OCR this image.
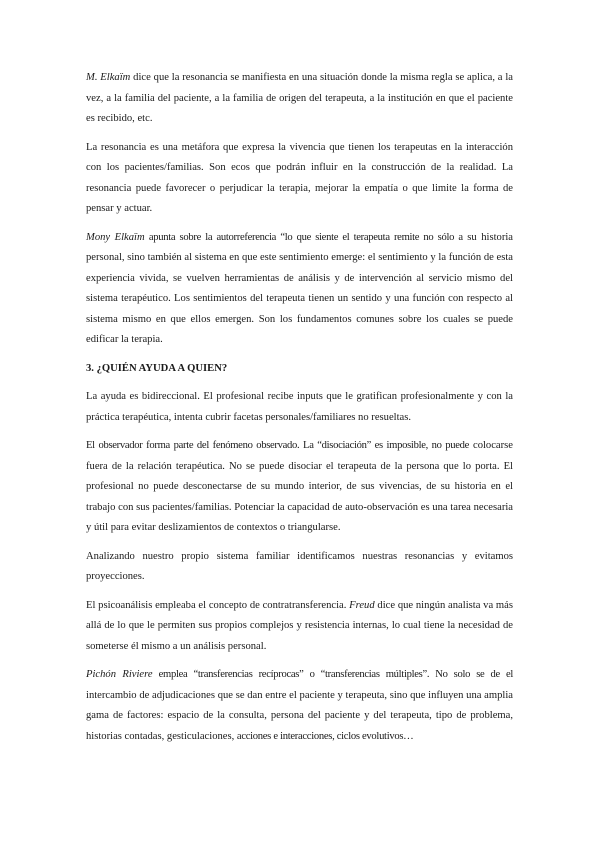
M. Elkaïm dice que la resonancia se manifiesta en una situación donde la misma regla se aplica, a la vez, a la familia del paciente, a la familia de origen del terapeuta, a la institución en que el paciente es recibido, etc.

La resonancia es una metáfora que expresa la vivencia que tienen los terapeutas en la interacción con los pacientes/familias. Son ecos que podrán influir en la construcción de la realidad. La resonancia puede favorecer o perjudicar la terapia, mejorar la empatía o que limite la forma de pensar y actuar.

Mony Elkaïm apunta sobre la autorreferencia “lo que siente el terapeuta remite no sólo a su historia personal, sino también al sistema en que este sentimiento emerge: el sentimiento y la función de esta experiencia vivida, se vuelven herramientas de análisis y de intervención al servicio mismo del sistema terapéutico. Los sentimientos del terapeuta tienen un sentido y una función con respecto al sistema mismo en que ellos emergen. Son los fundamentos comunes sobre los cuales se puede edificar la terapia.

3. ¿QUIÉN AYUDA A QUIEN?

La ayuda es bidireccional. El profesional recibe inputs que le gratifican profesionalmente y con la práctica terapéutica, intenta cubrir facetas personales/familiares no resueltas.

El observador forma parte del fenómeno observado. La “disociación” es imposible, no puede colocarse fuera de la relación terapéutica. No se puede disociar el terapeuta de la persona que lo porta. El profesional no puede desconectarse de su mundo interior, de sus vivencias, de su historia en el trabajo con sus pacientes/familias. Potenciar la capacidad de auto-observación es una tarea necesaria y útil para evitar deslizamientos de contextos o triangularse.

Analizando nuestro propio sistema familiar identificamos nuestras resonancias y evitamos proyecciones.

El psicoanálisis empleaba el concepto de contratransferencia. Freud dice que ningún analista va más allá de lo que le permiten sus propios complejos y resistencia internas, lo cual tiene la necesidad de someterse él mismo a un análisis personal.

Pichón Riviere emplea “transferencias recíprocas” o “transferencias múltiples”. No solo se de el intercambio de adjudicaciones que se dan entre el paciente y terapeuta, sino que influyen una amplia gama de factores: espacio de la consulta, persona del paciente y del terapeuta, tipo de problema, historias contadas, gesticulaciones, acciones e interacciones, ciclos evolutivos…
